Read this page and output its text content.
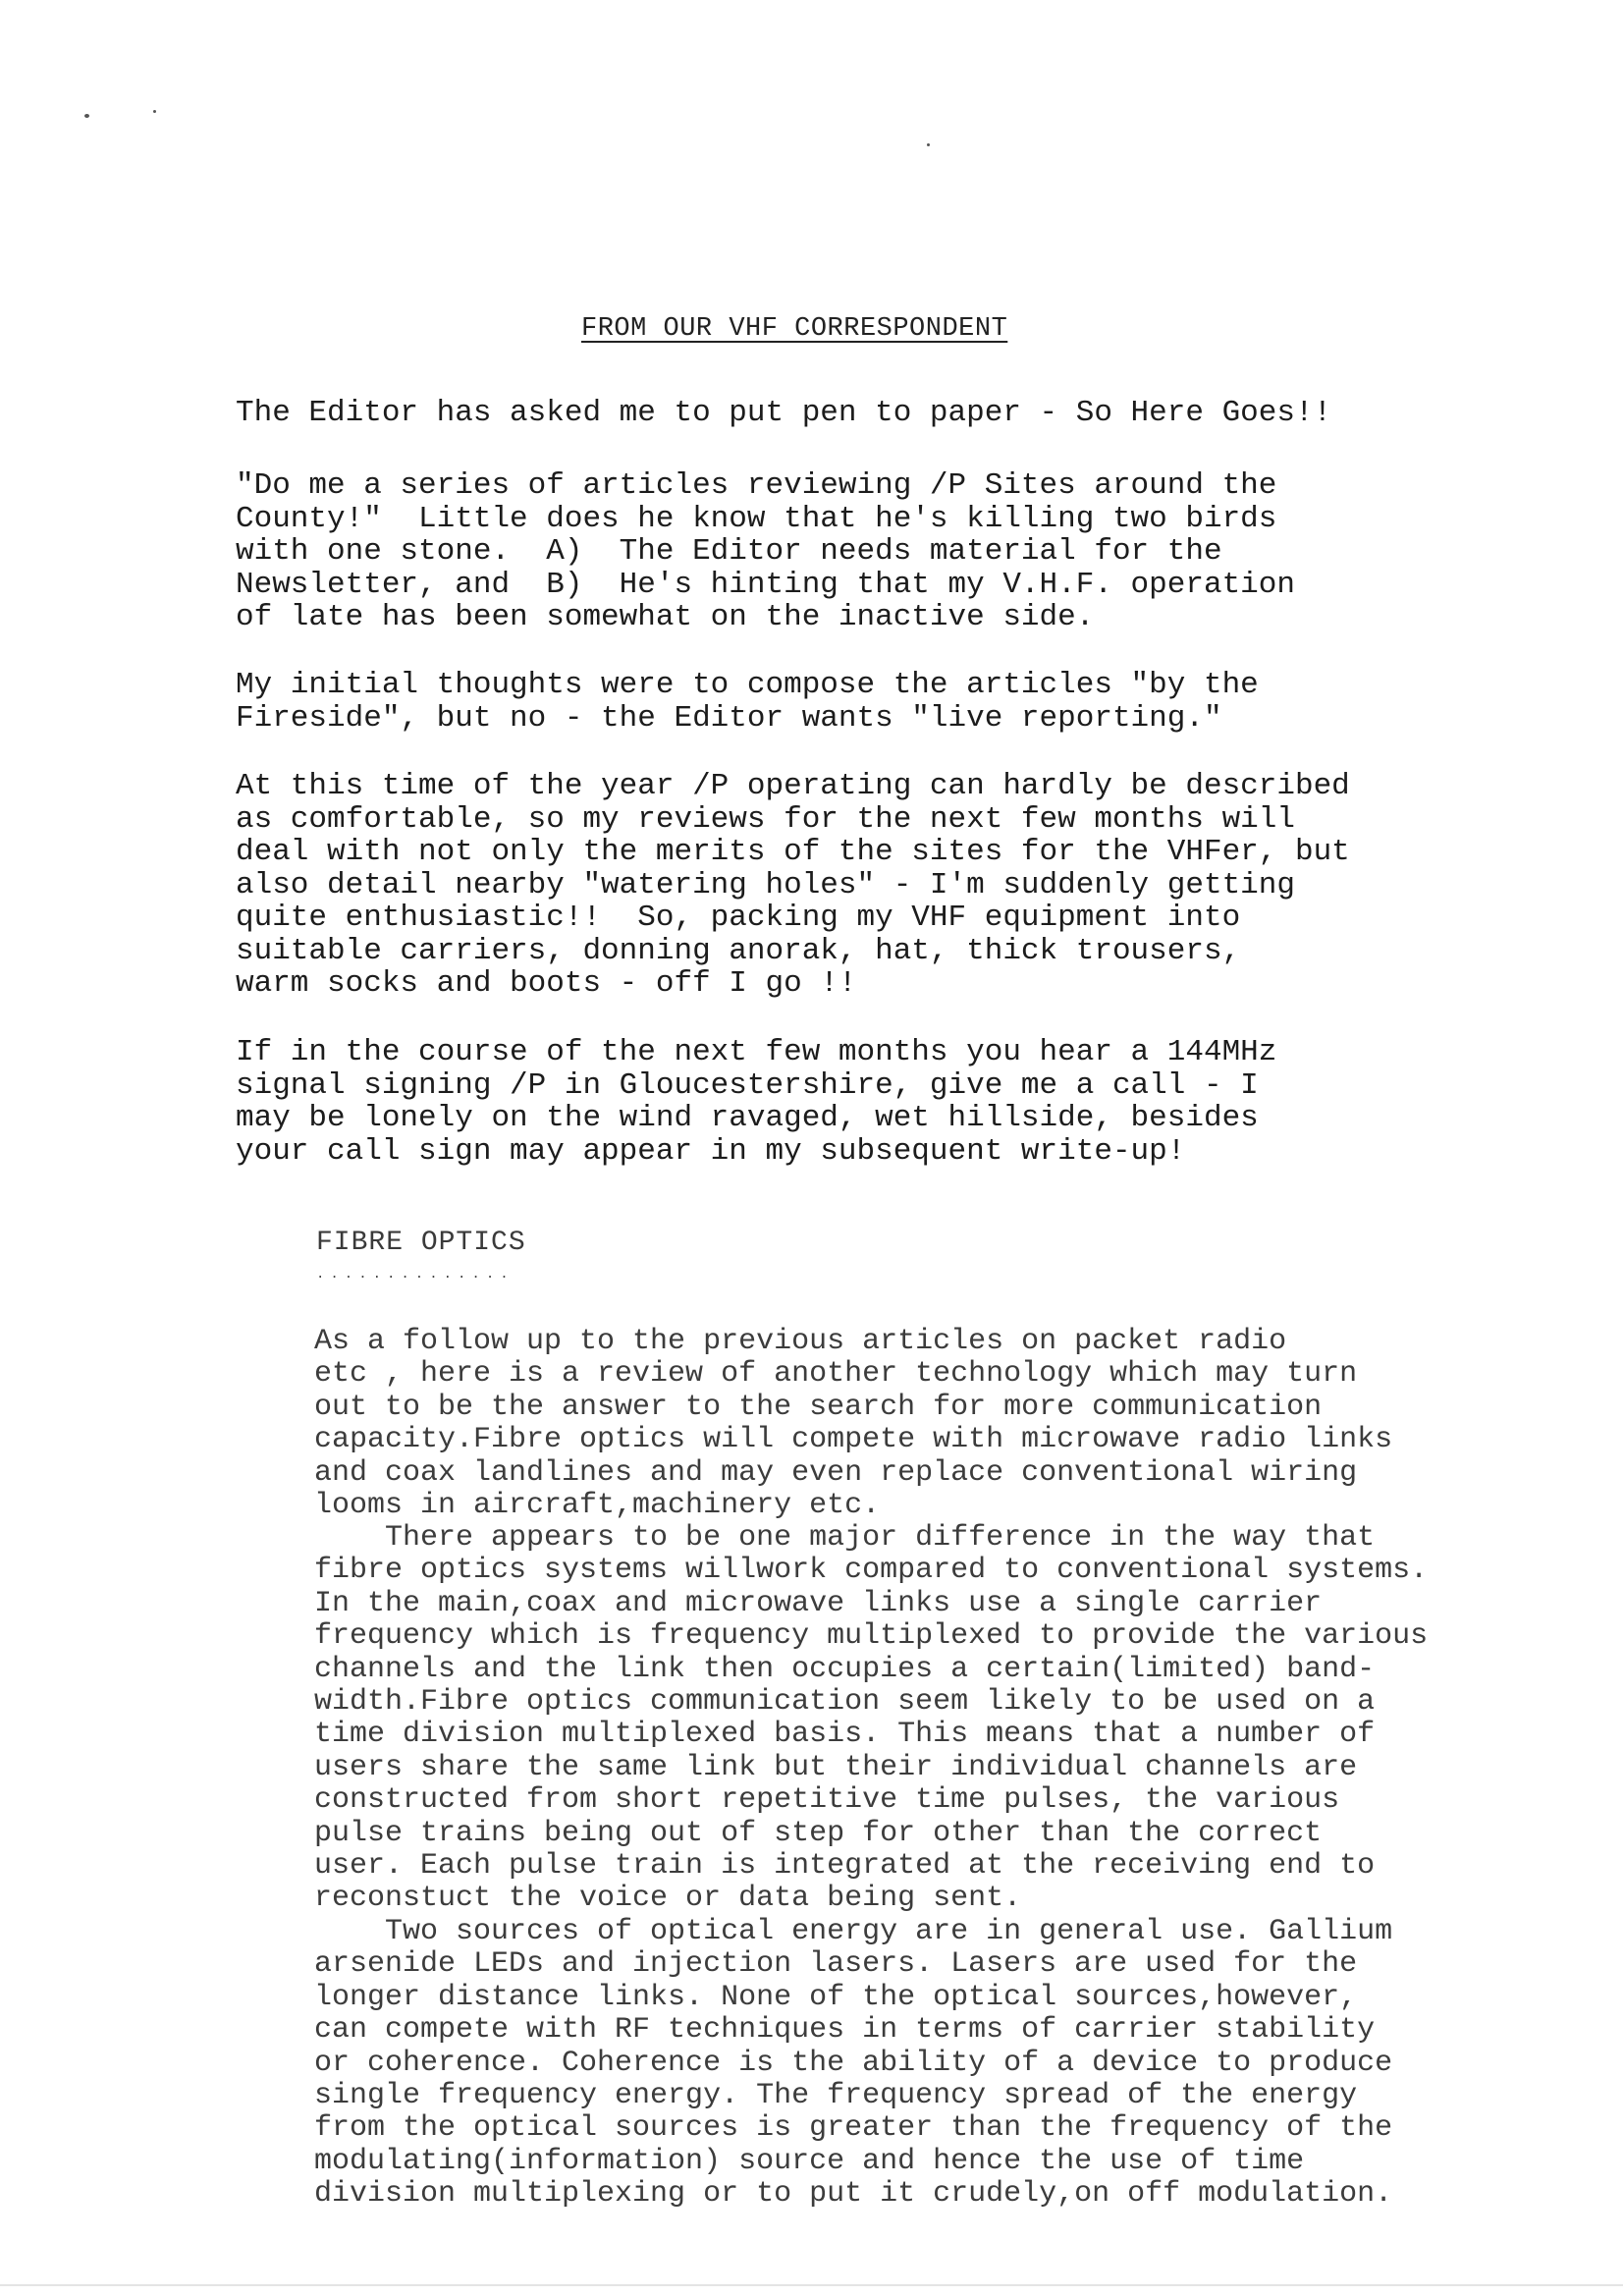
FROM OUR VHF CORRESPONDENT

The Editor has asked me to put pen to paper - So Here Goes!!

"Do me a series of articles reviewing /P Sites around the
County!"  Little does he know that he's killing two birds
with one stone.  A)  The Editor needs material for the
Newsletter, and  B)  He's hinting that my V.H.F. operation
of late has been somewhat on the inactive side.

My initial thoughts were to compose the articles "by the
Fireside", but no - the Editor wants "live reporting."

At this time of the year /P operating can hardly be described
as comfortable, so my reviews for the next few months will
deal with not only the merits of the sites for the VHFer, but
also detail nearby "watering holes" - I'm suddenly getting
quite enthusiastic!!  So, packing my VHF equipment into
suitable carriers, donning anorak, hat, thick trousers,
warm socks and boots - off I go !!

If in the course of the next few months you hear a 144MHz
signal signing /P in Gloucestershire, give me a call - I
may be lonely on the wind ravaged, wet hillside, besides
your call sign may appear in my subsequent write-up!

FIBRE OPTICS
..............

As a follow up to the previous articles on packet radio
etc , here is a review of another technology which may turn
out to be the answer to the search for more communication
capacity.Fibre optics will compete with microwave radio links
and coax landlines and may even replace conventional wiring
looms in aircraft,machinery etc.

There appears to be one major difference in the way that
fibre optics systems willwork compared to conventional systems.
In the main,coax and microwave links use a single carrier
frequency which is frequency multiplexed to provide the various
channels and the link then occupies a certain(limited) band-
width.Fibre optics communication seem likely to be used on a
time division multiplexed basis. This means that a number of
users share the same link but their individual channels are
constructed from short repetitive time pulses, the various
pulse trains being out of step for other than the correct
user. Each pulse train is integrated at the receiving end to
reconstuct the voice or data being sent.

Two sources of optical energy are in general use. Gallium
arsenide LEDs and injection lasers. Lasers are used for the
longer distance links. None of the optical sources,however,
can compete with RF techniques in terms of carrier stability
or coherence. Coherence is the ability of a device to produce
single frequency energy. The frequency spread of the energy
from the optical sources is greater than the frequency of the
modulating(information) source and hence the use of time
division multiplexing or to put it crudely,on off modulation.
